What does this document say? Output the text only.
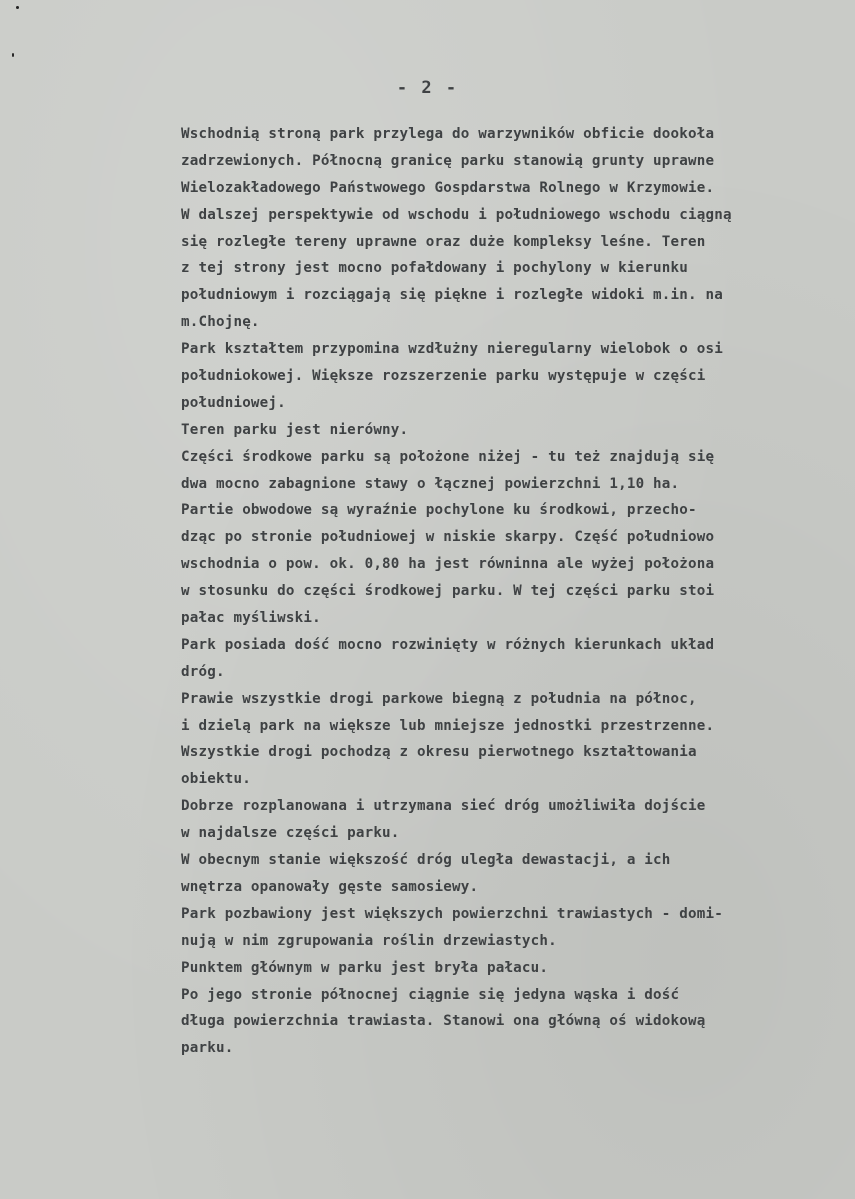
- 2 -
Wschodnią stroną park przylega do warzywników obficie dookoła
zadrzewionych. Północną granicę parku stanowią grunty uprawne
Wielozakładowego Państwowego Gospdarstwa Rolnego w Krzymowie.
W dalszej perspektywie od wschodu i południowego wschodu ciągną
się rozległe tereny uprawne oraz duże kompleksy leśne. Teren
z tej strony jest mocno pofałdowany i pochylony w kierunku
południowym i rozciągają się piękne i rozległe widoki m.in. na
m.Chojnę.
Park kształtem przypomina wzdłużny nieregularny wielobok o osi
południokowej. Większe rozszerzenie parku występuje w części
południowej.
Teren parku jest nierówny.
Części środkowe parku są położone niżej - tu też znajdują się
dwa mocno zabagnione stawy o łącznej powierzchni 1,10 ha.
Partie obwodowe są wyraźnie pochylone ku środkowi, przecho-
dząc po stronie południowej w niskie skarpy. Część południowo
wschodnia o pow. ok. 0,80 ha jest równinna ale wyżej położona
w stosunku do części środkowej parku. W tej części parku stoi
pałac myśliwski.
Park posiada dość mocno rozwinięty w różnych kierunkach układ
dróg.
Prawie wszystkie drogi parkowe biegną z południa na północ,
i dzielą park na większe lub mniejsze jednostki przestrzenne.
Wszystkie drogi pochodzą z okresu pierwotnego kształtowania
obiektu.
Dobrze rozplanowana i utrzymana sieć dróg umożliwiła dojście
w najdalsze części parku.
W obecnym stanie większość dróg uległa dewastacji, a ich
wnętrza opanowały gęste samosiewy.
Park pozbawiony jest większych powierzchni trawiastych - domi-
nują w nim zgrupowania roślin drzewiastych.
Punktem głównym w parku jest bryła pałacu.
Po jego stronie północnej ciągnie się jedyna wąska i dość
długa powierzchnia trawiasta. Stanowi ona główną oś widokową
parku.
